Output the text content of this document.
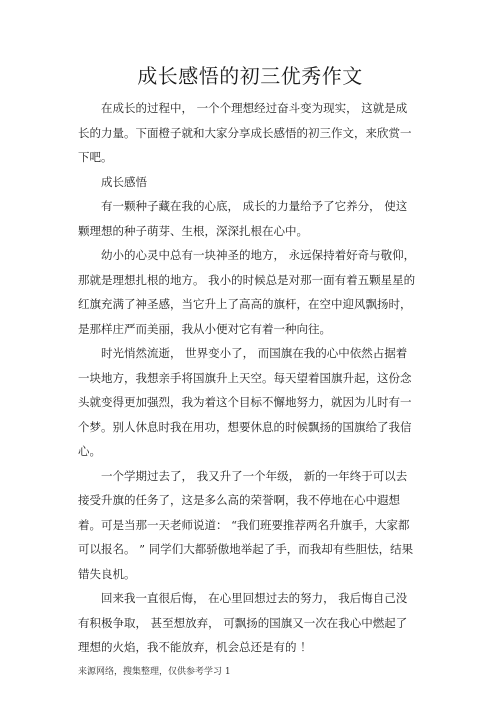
成长感悟的初三优秀作文

在成长的过程中， 一个个理想经过奋斗变为现实， 这就是成长的力量。下面橙子就和大家分享成长感悟的初三作文，来欣赏一下吧。

成长感悟

有一颗种子藏在我的心底， 成长的力量给予了它养分， 使这颗理想的种子萌芽、生根，深深扎根在心中。

幼小的心灵中总有一块神圣的地方， 永远保持着好奇与敬仰， 那就是理想扎根的地方。 我小的时候总是对那一面有着五颗星星的红旗充满了神圣感，当它升上了高高的旗杆，在空中迎风飘扬时，是那样庄严而美丽，我从小便对它有着一种向往。

时光悄然流逝， 世界变小了， 而国旗在我的心中依然占据着一块地方，我想亲手将国旗升上天空。每天望着国旗升起，这份念头就变得更加强烈，我为着这个目标不懈地努力，就因为儿时有一个梦。别人休息时我在用功，想要休息的时候飘扬的国旗给了我信心。

一个学期过去了， 我又升了一个年级， 新的一年终于可以去接受升旗的任务了，这是多么高的荣誉啊，我不停地在心中遐想着。可是当那一天老师说道： “我们班要推荐两名升旗手，大家都可以报名。 ” 同学们大都骄傲地举起了手，而我却有些胆怯，结果错失良机。

回来我一直很后悔， 在心里回想过去的努力， 我后悔自己没有积极争取， 甚至想放弃， 可飘扬的国旗又一次在我心中燃起了理想的火焰，我不能放弃，机会总还是有的 ！

来源网络，搜集整理，仅供参考学习 1
